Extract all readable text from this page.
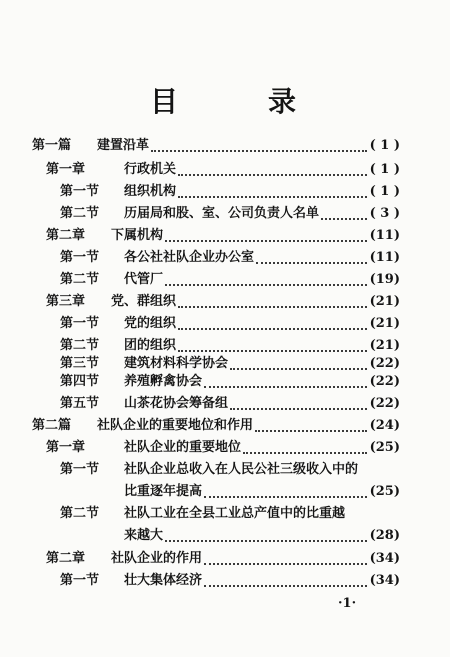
目	录
第一篇 建置沿革	( 1 )
第一章	行政机关	( 1 )
第一节 组织机构	( 1 )
第二节 历届局和股、室、公司负责人名单	( 3 )
第二章 下属机构	(11)
第一节 各公社社队企业办公室	(11)
第二节 代管厂	(19)
第三章 党、群组织	(21)
第一节 党的组织	(21)
第二节 团的组织	(21)
第三节 建筑材料科学协会	(22)
第四节 养殖孵禽协会	(22)
第五节 山茶花协会筹备组	(22)
第二篇 社队企业的重要地位和作用	(24)
第一章	社队企业的重要地位	(25)
第一节 社队企业总收入在人民公社三级收入中的
比重逐年提高	(25)
第二节 社队工业在全县工业总产值中的比重越
来越大	(28)
第二章 社队企业的作用	(34)
第一节 壮大集体经济	(34)
·1·
